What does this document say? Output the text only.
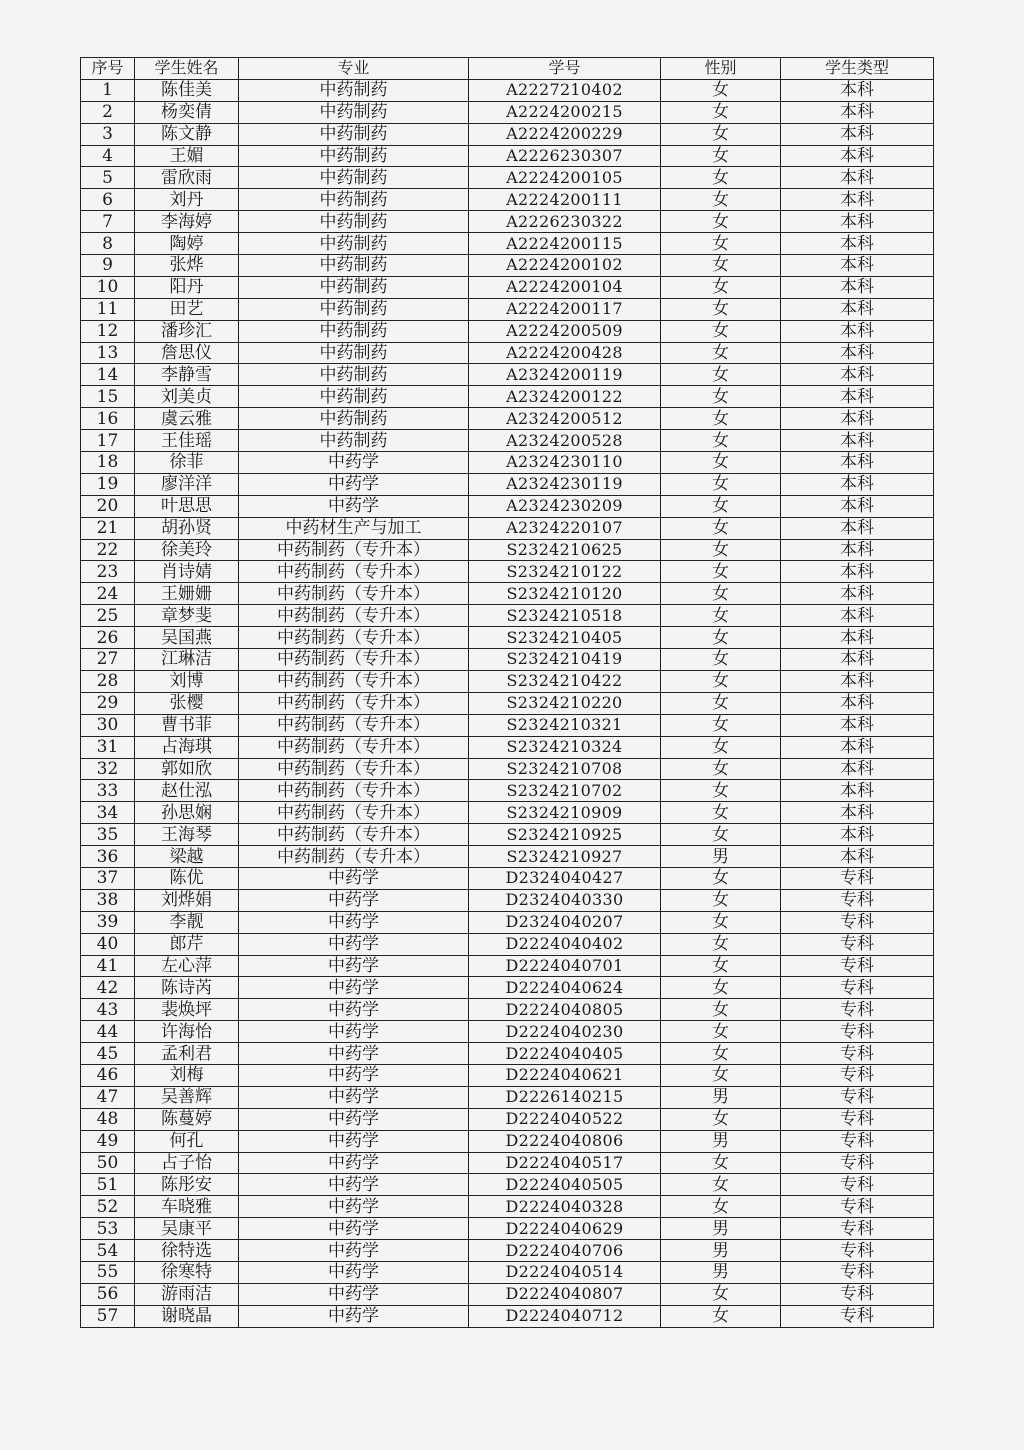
序号	学生姓名	专业	学号	性别	学生类型
1	陈佳美	中药制药	A2227210402	女	本科
2	杨奕倩	中药制药	A2224200215	女	本科
3	陈文静	中药制药	A2224200229	女	本科
4	王媚	中药制药	A2226230307	女	本科
5	雷欣雨	中药制药	A2224200105	女	本科
6	刘丹	中药制药	A2224200111	女	本科
7	李海婷	中药制药	A2226230322	女	本科
8	陶婷	中药制药	A2224200115	女	本科
9	张烨	中药制药	A2224200102	女	本科
10	阳丹	中药制药	A2224200104	女	本科
11	田艺	中药制药	A2224200117	女	本科
12	潘珍汇	中药制药	A2224200509	女	本科
13	詹思仪	中药制药	A2224200428	女	本科
14	李静雪	中药制药	A2324200119	女	本科
15	刘美贞	中药制药	A2324200122	女	本科
16	虞云雅	中药制药	A2324200512	女	本科
17	王佳瑶	中药制药	A2324200528	女	本科
18	徐菲	中药学	A2324230110	女	本科
19	廖洋洋	中药学	A2324230119	女	本科
20	叶思思	中药学	A2324230209	女	本科
21	胡孙贤	中药材生产与加工	A2324220107	女	本科
22	徐美玲	中药制药（专升本）	S2324210625	女	本科
23	肖诗婧	中药制药（专升本）	S2324210122	女	本科
24	王姗姗	中药制药（专升本）	S2324210120	女	本科
25	章梦斐	中药制药（专升本）	S2324210518	女	本科
26	吴国燕	中药制药（专升本）	S2324210405	女	本科
27	江琳洁	中药制药（专升本）	S2324210419	女	本科
28	刘博	中药制药（专升本）	S2324210422	女	本科
29	张樱	中药制药（专升本）	S2324210220	女	本科
30	曹书菲	中药制药（专升本）	S2324210321	女	本科
31	占海琪	中药制药（专升本）	S2324210324	女	本科
32	郭如欣	中药制药（专升本）	S2324210708	女	本科
33	赵仕泓	中药制药（专升本）	S2324210702	女	本科
34	孙思娴	中药制药（专升本）	S2324210909	女	本科
35	王海琴	中药制药（专升本）	S2324210925	女	本科
36	梁越	中药制药（专升本）	S2324210927	男	本科
37	陈优	中药学	D2324040427	女	专科
38	刘烨娟	中药学	D2324040330	女	专科
39	李靓	中药学	D2324040207	女	专科
40	郎芹	中药学	D2224040402	女	专科
41	左心萍	中药学	D2224040701	女	专科
42	陈诗芮	中药学	D2224040624	女	专科
43	裴焕坪	中药学	D2224040805	女	专科
44	许海怡	中药学	D2224040230	女	专科
45	孟利君	中药学	D2224040405	女	专科
46	刘梅	中药学	D2224040621	女	专科
47	吴善辉	中药学	D2226140215	男	专科
48	陈蔓婷	中药学	D2224040522	女	专科
49	何孔	中药学	D2224040806	男	专科
50	占子怡	中药学	D2224040517	女	专科
51	陈彤安	中药学	D2224040505	女	专科
52	车晓雅	中药学	D2224040328	女	专科
53	吴康平	中药学	D2224040629	男	专科
54	徐特选	中药学	D2224040706	男	专科
55	徐寒特	中药学	D2224040514	男	专科
56	游雨洁	中药学	D2224040807	女	专科
57	谢晓晶	中药学	D2224040712	女	专科
